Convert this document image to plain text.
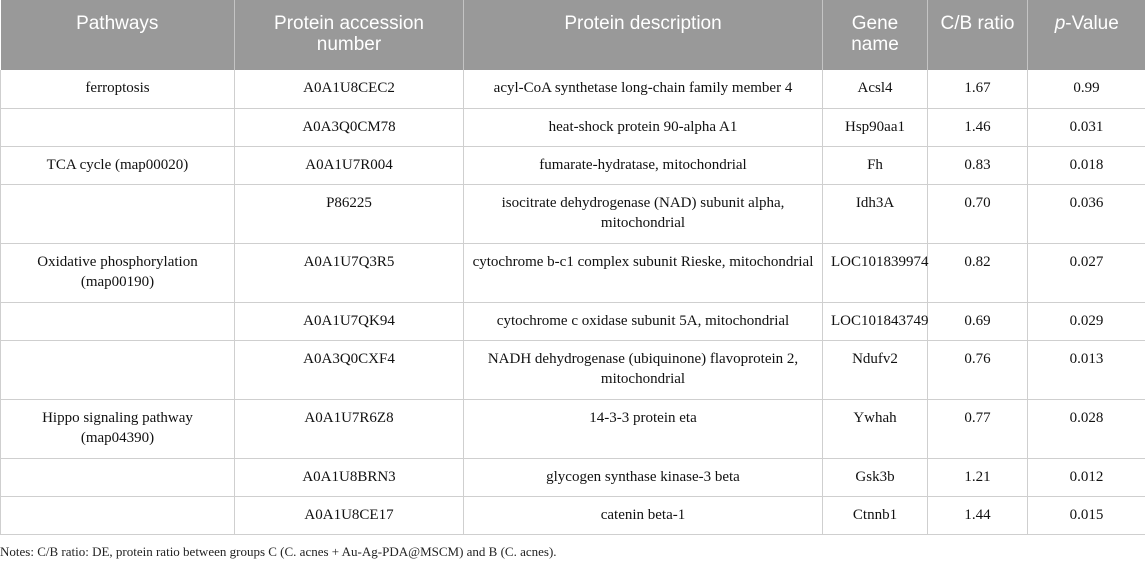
Pathways	Protein accession number	Protein description	Gene name	C/B ratio	p-Value
ferroptosis	A0A1U8CEC2	acyl-CoA synthetase long-chain family member 4	Acsl4	1.67	0.99
	A0A3Q0CM78	heat-shock protein 90-alpha A1	Hsp90aa1	1.46	0.031
TCA cycle (map00020)	A0A1U7R004	fumarate-hydratase, mitochondrial	Fh	0.83	0.018
	P86225	isocitrate dehydrogenase (NAD) subunit alpha, mitochondrial	Idh3A	0.70	0.036
Oxidative phosphorylation (map00190)	A0A1U7Q3R5	cytochrome b-c1 complex subunit Rieske, mitochondrial	LOC101839974	0.82	0.027
	A0A1U7QK94	cytochrome c oxidase subunit 5A, mitochondrial	LOC101843749	0.69	0.029
	A0A3Q0CXF4	NADH dehydrogenase (ubiquinone) flavoprotein 2, mitochondrial	Ndufv2	0.76	0.013
Hippo signaling pathway (map04390)	A0A1U7R6Z8	14-3-3 protein eta	Ywhah	0.77	0.028
	A0A1U8BRN3	glycogen synthase kinase-3 beta	Gsk3b	1.21	0.012
	A0A1U8CE17	catenin beta-1	Ctnnb1	1.44	0.015
Notes: C/B ratio: DE, protein ratio between groups C (C. acnes + Au-Ag-PDA@MSCM) and B (C. acnes).
